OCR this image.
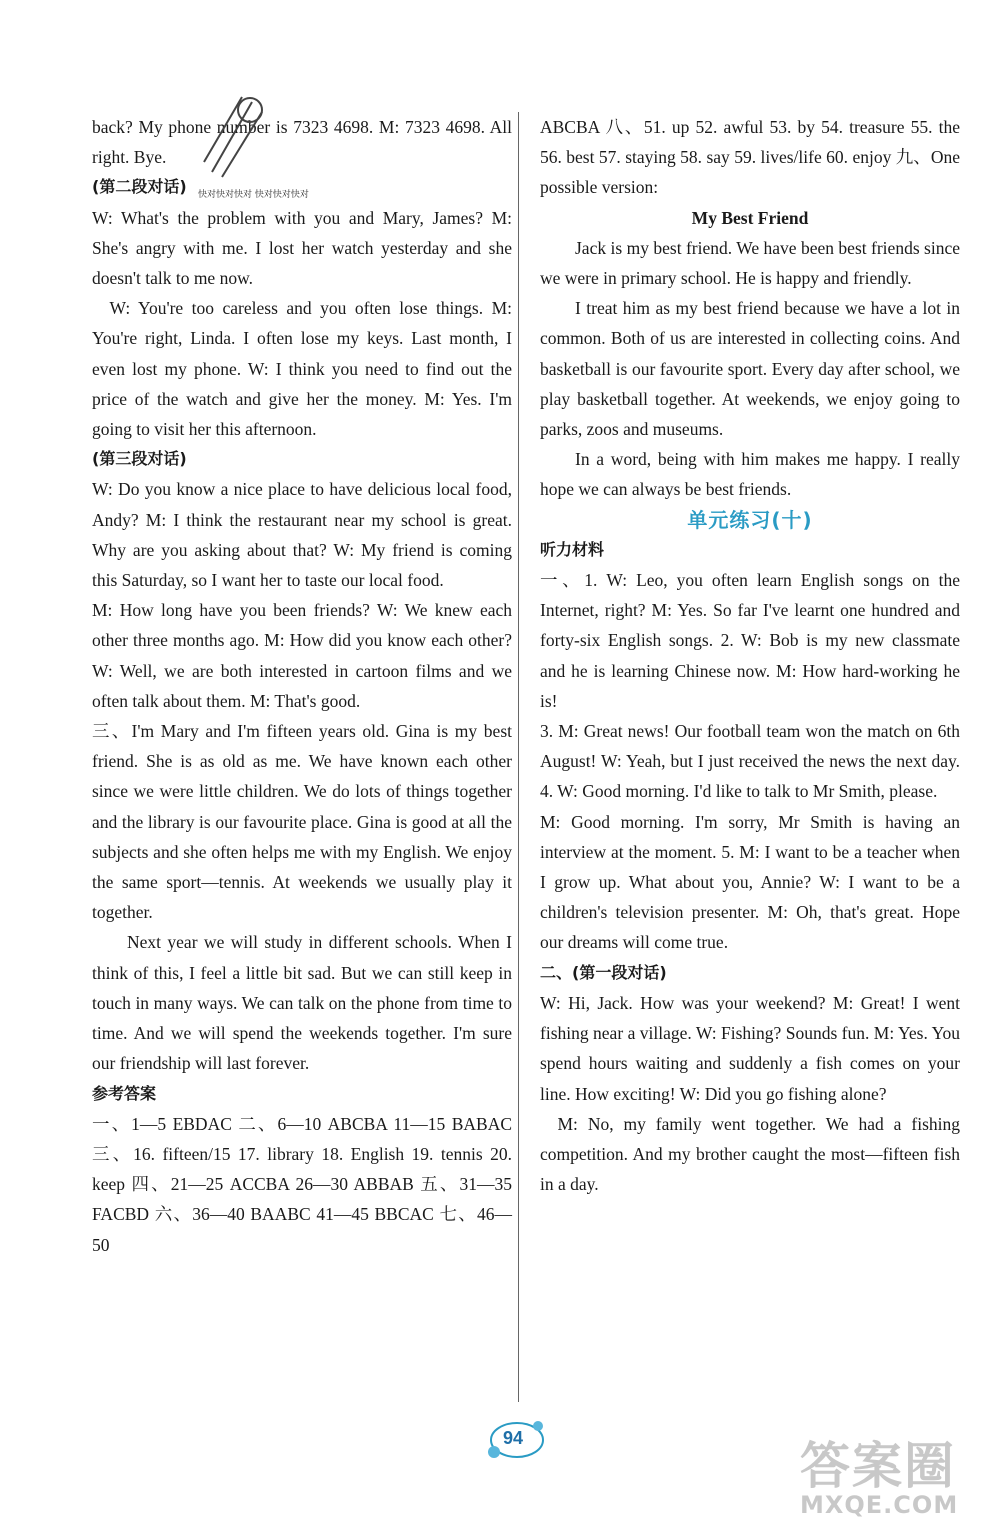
back? My phone number is 7323 4698. M: 7323 4698. All right. Bye.

(第二段对话)

W: What's the problem with you and Mary, James? M: She's angry with me. I lost her watch yesterday and she doesn't talk to me now.

W: You're too careless and you often lose things. M: You're right, Linda. I often lose my keys. Last month, I even lost my phone. W: I think you need to find out the price of the watch and give her the money. M: Yes. I'm going to visit her this afternoon.

(第三段对话)

W: Do you know a nice place to have delicious local food, Andy? M: I think the restaurant near my school is great. Why are you asking about that? W: My friend is coming this Saturday, so I want her to taste our local food.

M: How long have you been friends? W: We knew each other three months ago. M: How did you know each other? W: Well, we are both interested in cartoon films and we often talk about them. M: That's good.

三、I'm Mary and I'm fifteen years old. Gina is my best friend. She is as old as me. We have known each other since we were little children. We do lots of things together and the library is our favourite place. Gina is good at all the subjects and she often helps me with my English. We enjoy the same sport—tennis. At weekends we usually play it together.

Next year we will study in different schools. When I think of this, I feel a little bit sad. But we can still keep in touch in many ways. We can talk on the phone from time to time. And we will spend the weekends together. I'm sure our friendship will last forever.

参考答案

一、1—5 EBDAC 二、6—10 ABCBA 11—15 BABAC 三、16. fifteen/15 17. library 18. English 19. tennis 20. keep 四、21—25 ACCBA 26—30 ABBAB 五、31—35 FACBD 六、36—40 BAABC 41—45 BBCAC 七、46—50

ABCBA 八、51. up 52. awful 53. by 54. treasure 55. the 56. best 57. staying 58. say 59. lives/life 60. enjoy 九、One possible version:

My Best Friend

Jack is my best friend. We have been best friends since we were in primary school. He is happy and friendly.

I treat him as my best friend because we have a lot in common. Both of us are interested in collecting coins. And basketball is our favourite sport. Every day after school, we play basketball together. At weekends, we enjoy going to parks, zoos and museums.

In a word, being with him makes me happy. I really hope we can always be best friends.

单元练习(十)

听力材料

一、1. W: Leo, you often learn English songs on the Internet, right? M: Yes. So far I've learnt one hundred and forty-six English songs. 2. W: Bob is my new classmate and he is learning Chinese now. M: How hard-working he is!

3. M: Great news! Our football team won the match on 6th August! W: Yeah, but I just received the news the next day. 4. W: Good morning. I'd like to talk to Mr Smith, please.

M: Good morning. I'm sorry, Mr Smith is having an interview at the moment. 5. M: I want to be a teacher when I grow up. What about you, Annie? W: I want to be a children's television presenter. M: Oh, that's great. Hope our dreams will come true.

二、(第一段对话)

W: Hi, Jack. How was your weekend? M: Great! I went fishing near a village. W: Fishing? Sounds fun. M: Yes. You spend hours waiting and suddenly a fish comes on your line. How exciting! W: Did you go fishing alone?

M: No, my family went together. We had a fishing competition. And my brother caught the most—fifteen fish in a day.

快对快对快对 快对快对快对
94	答案圈
MXQE.COM
